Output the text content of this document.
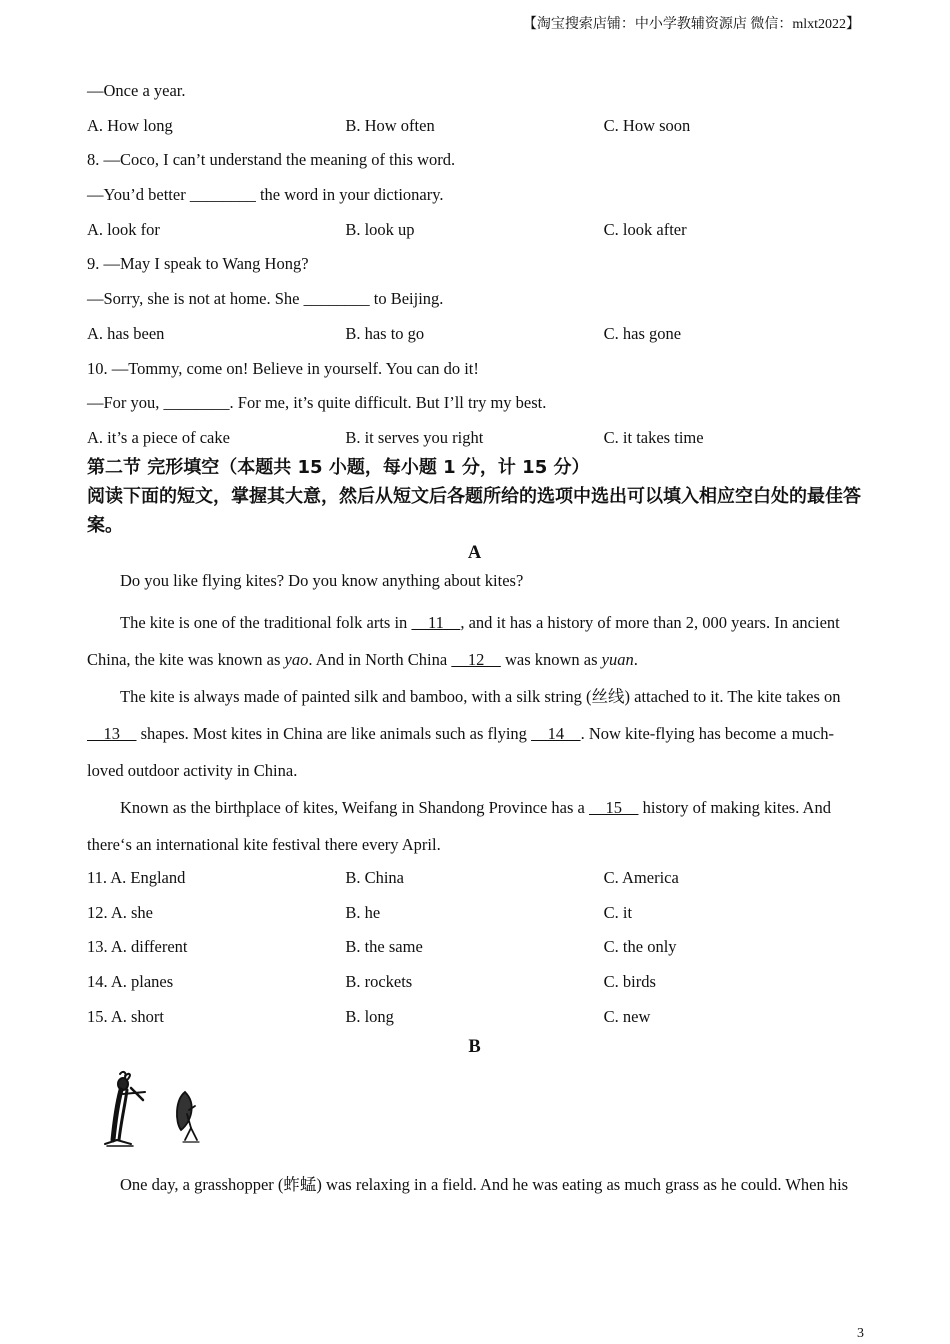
【淘宝搜索店铺：中小学教辅资源店 微信：mlxt2022】
—Once a year.
A. How long	B. How often	C. How soon
8. —Coco, I can’t understand the meaning of this word.
—You’d better ________ the word in your dictionary.
A. look for	B. look up	C. look after
9. —May I speak to Wang Hong?
—Sorry, she is not at home. She ________ to Beijing.
A. has been	B. has to go	C. has gone
10. —Tommy, come on! Believe in yourself. You can do it!
—For you, ________. For me, it’s quite difficult. But I’ll try my best.
A. it’s a piece of cake	B. it serves you right	C. it takes time
第二节 完形填空（本题共 15 小题，每小题 1 分，计 15 分）
阅读下面的短文，掌握其大意，然后从短文后各题所给的选项中选出可以填入相应空白处的最佳答案。
A

Do you like flying kites? Do you know anything about kites?

The kite is one of the traditional folk arts in     11    , and it has a history of more than 2, 000 years. In ancient China, the kite was known as yao. And in North China     12     was known as yuan.

The kite is always made of painted silk and bamboo, with a silk string (丝线) attached to it. The kite takes on     13     shapes. Most kites in China are like animals such as flying     14    . Now kite-flying has become a much-loved outdoor activity in China.

Known as the birthplace of kites, Weifang in Shandong Province has a     15     history of making kites. And there‘s an international kite festival there every April.

11. A. England	B. China	C. America
12. A. she	B. he	C. it
13. A. different	B. the same	C. the only
14. A. planes	B. rockets	C. birds
15. A. short	B. long	C. new
B

One day, a grasshopper (蚱蜢) was relaxing in a field. And he was eating as much grass as he could. When his

3
